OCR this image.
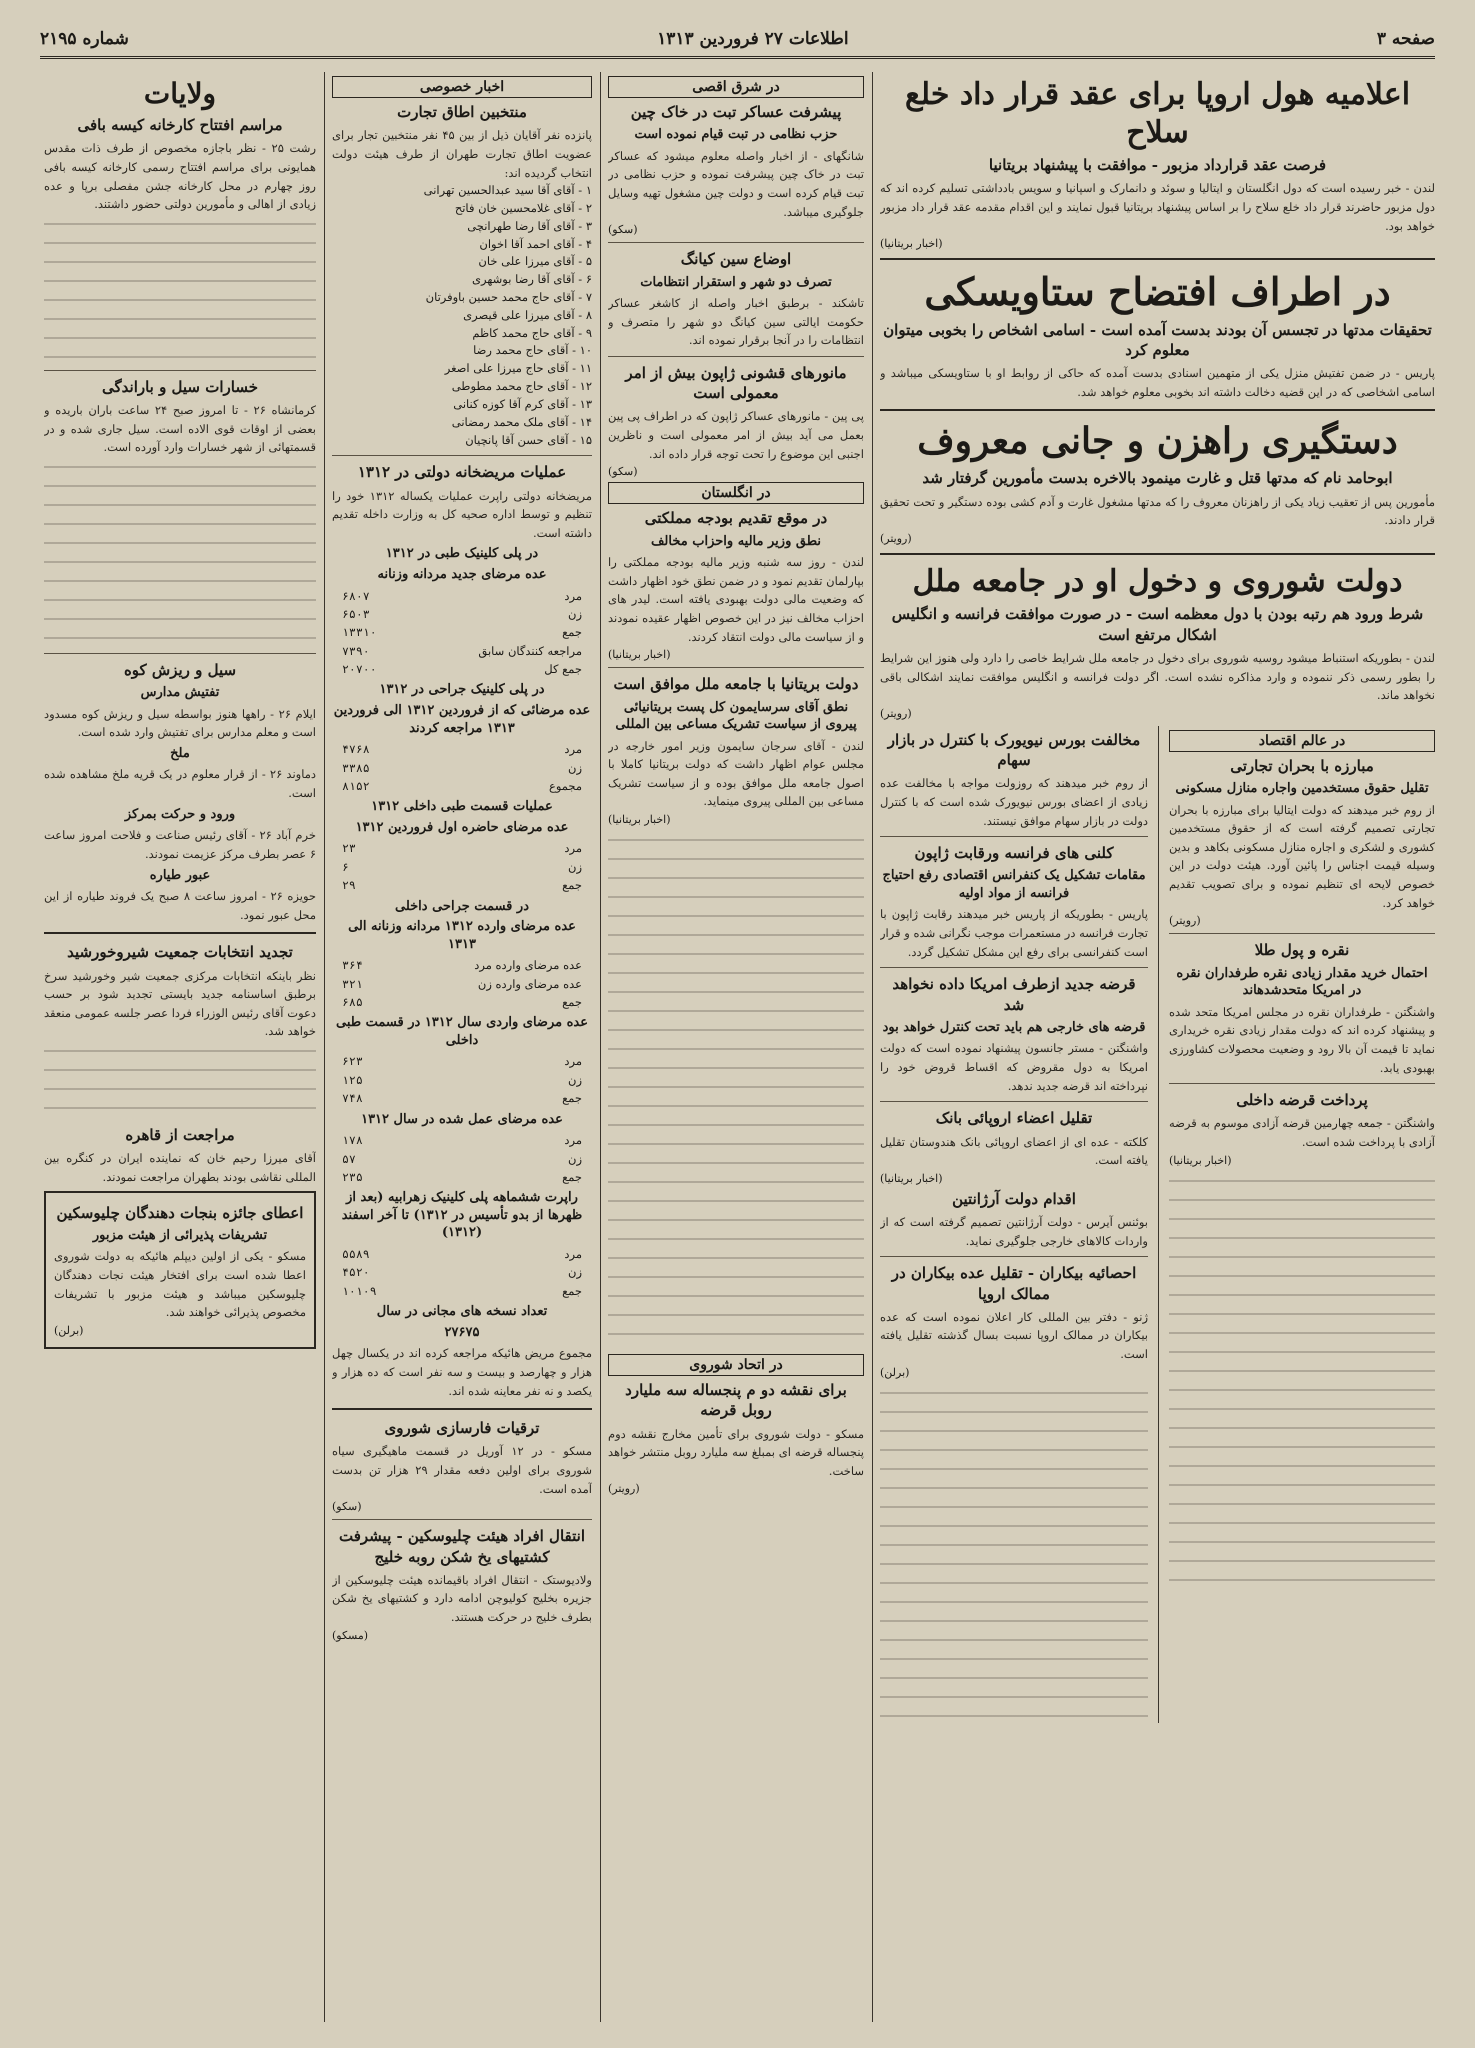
صفحه ۳
اطلاعات ۲۷ فروردین ۱۳۱۳
شماره ۲۱۹۵
اعلامیه هول اروپا برای عقد قرار داد خلع سلاح
فرصت عقد قرارداد مزبور - موافقت با پیشنهاد بریتانیا
لندن - خبر رسیده است که دول انگلستان و ایتالیا و سوئد و دانمارک و اسپانیا و سویس بادداشتی تسلیم کرده اند که دول مزبور حاضرند قرار داد خلع سلاح را بر اساس پیشنهاد بریتانیا قبول نمایند و این اقدام مقدمه عقد قرار داد مزبور خواهد بود.
(اخبار بریتانیا)
در اطراف افتضاح ستاویسکی
تحقیقات مدتها در تجسس آن بودند بدست آمده است - اسامی اشخاص را بخوبی میتوان معلوم کرد
پاریس - در ضمن تفتیش منزل یکی از متهمین اسنادی بدست آمده که حاکی از روابط او با ستاویسکی میباشد و اسامی اشخاصی که در این قضیه دخالت داشته اند بخوبی معلوم خواهد شد.
دستگیری راهزن و جانی معروف
ابوحامد نام که مدتها قتل و غارت مینمود بالاخره بدست مأمورین گرفتار شد
مأمورین پس از تعقیب زیاد یکی از راهزنان معروف را که مدتها مشغول غارت و آدم کشی بوده دستگیر و تحت تحقیق قرار دادند.
(رویتر)
دولت شوروی و دخول او در جامعه ملل
شرط ورود هم رتبه بودن با دول معظمه است - در صورت موافقت فرانسه و انگلیس اشکال مرتفع است
لندن - بطوریکه استنباط میشود روسیه شوروی برای دخول در جامعه ملل شرایط خاصی را دارد ولی هنوز این شرایط را بطور رسمی ذکر ننموده و وارد مذاکره نشده است. اگر دولت فرانسه و انگلیس موافقت نمایند اشکالی باقی نخواهد ماند.
(رویتر)
در عالم اقتصاد
مبارزه با بحران تجارتی
تقلیل حقوق مستخدمین واجاره منازل مسکونی
از روم خبر میدهند که دولت ایتالیا برای مبارزه با بحران تجارتی تصمیم گرفته است که از حقوق مستخدمین کشوری و لشکری و اجاره منازل مسکونی بکاهد و بدین وسیله قیمت اجناس را پائین آورد. هیئت دولت در این خصوص لایحه ای تنظیم نموده و برای تصویب تقدیم خواهد کرد.
(رویتر)
نقره و پول طلا
احتمال خرید مقدار زیادی نقره طرفداران نقره در امریکا متحدشدهاند
واشنگتن - طرفداران نقره در مجلس امریکا متحد شده و پیشنهاد کرده اند که دولت مقدار زیادی نقره خریداری نماید تا قیمت آن بالا رود و وضعیت محصولات کشاورزی بهبودی یابد.
پرداخت قرضه داخلی
واشنگتن - جمعه چهارمین قرضه آزادی موسوم به قرضه آزادی با پرداخت شده است.
(اخبار بریتانیا)
مخالفت بورس نیویورک با کنترل در بازار سهام
از روم خبر میدهند که روزولت مواجه با مخالفت عده زیادی از اعضای بورس نیویورک شده است که با کنترل دولت در بازار سهام موافق نیستند.
کلنی های فرانسه ورقابت ژاپون
مقامات تشکیل یک کنفرانس اقتصادی رفع احتیاج فرانسه از مواد اولیه
پاریس - بطوریکه از پاریس خبر میدهند رقابت ژاپون با تجارت فرانسه در مستعمرات موجب نگرانی شده و قرار است کنفرانسی برای رفع این مشکل تشکیل گردد.
قرضه جدید ازطرف امریکا داده نخواهد شد
قرضه های خارجی هم باید تحت کنترل خواهد بود
واشنگتن - مستر جانسون پیشنهاد نموده است که دولت امریکا به دول مقروض که اقساط قروض خود را نپرداخته اند قرضه جدید ندهد.
تقلیل اعضاء اروپائی بانک
کلکته - عده ای از اعضای اروپائی بانک هندوستان تقلیل یافته است.
(اخبار بریتانیا)
اقدام دولت آرژانتین
بوئنس آیرس - دولت آرژانتین تصمیم گرفته است که از واردات کالاهای خارجی جلوگیری نماید.
احصائیه بیکاران - تقلیل عده بیکاران در ممالک اروپا
ژنو - دفتر بین المللی کار اعلان نموده است که عده بیکاران در ممالک اروپا نسبت بسال گذشته تقلیل یافته است.
(برلن)
در شرق اقصی
پیشرفت عساکر تبت در خاک چین
حزب نظامی در تبت قیام نموده است
شانگهای - از اخبار واصله معلوم میشود که عساکر تبت در خاک چین پیشرفت نموده و حزب نظامی در تبت قیام کرده است و دولت چین مشغول تهیه وسایل جلوگیری میباشد.
(سکو)
اوضاع سین کیانگ
تصرف دو شهر و استقرار انتظامات
تاشکند - برطبق اخبار واصله از کاشغر عساکر حکومت ایالتی سین کیانگ دو شهر را متصرف و انتظامات را در آنجا برقرار نموده اند.
مانورهای قشونی ژاپون بیش از امر معمولی است
پی پین - مانورهای عساکر ژاپون که در اطراف پی پین بعمل می آید بیش از امر معمولی است و ناظرین اجنبی این موضوع را تحت توجه قرار داده اند.
(سکو)
در انگلستان
در موقع تقدیم بودجه مملکتی
نطق وزیر مالیه واحزاب مخالف
لندن - روز سه شنبه وزیر مالیه بودجه مملکتی را بپارلمان تقدیم نمود و در ضمن نطق خود اظهار داشت که وضعیت مالی دولت بهبودی یافته است. لیدر های احزاب مخالف نیز در این خصوص اظهار عقیده نمودند و از سیاست مالی دولت انتقاد کردند.
(اخبار بریتانیا)
دولت بریتانیا با جامعه ملل موافق است
نطق آقای سرسایمون کل پست بریتانیائی پیروی از سیاست تشریک مساعی بین المللی
لندن - آقای سرجان سایمون وزیر امور خارجه در مجلس عوام اظهار داشت که دولت بریتانیا کاملا با اصول جامعه ملل موافق بوده و از سیاست تشریک مساعی بین المللی پیروی مینماید.
(اخبار بریتانیا)
در اتحاد شوروی
برای نقشه دو م پنجساله سه ملیارد روبل قرضه
مسکو - دولت شوروی برای تأمین مخارج نقشه دوم پنجساله قرضه ای بمبلغ سه ملیارد روبل منتشر خواهد ساخت.
(رویتر)
اخبار خصوصی
منتخبین اطاق تجارت
پانزده نفر آقایان ذیل از بین ۴۵ نفر منتخبین تجار برای عضویت اطاق تجارت طهران از طرف هیئت دولت انتخاب گردیده اند:
۱ - آقای آقا سید عبدالحسین تهرانی
۲ - آقای غلامحسین خان فاتح
۳ - آقای آقا رضا طهرانچی
۴ - آقای احمد آقا اخوان
۵ - آقای میرزا علی خان
۶ - آقای آقا رضا بوشهری
۷ - آقای حاج محمد حسین باوفرتان
۸ - آقای میرزا علی قیصری
۹ - آقای حاج محمد کاظم
۱۰ - آقای حاج محمد رضا
۱۱ - آقای حاج میرزا علی اصغر
۱۲ - آقای حاج محمد مطوطی
۱۳ - آقای کرم آقا کوزه کنانی
۱۴ - آقای ملک محمد رمضانی
۱۵ - آقای حسن آقا پانچیان
عملیات مریضخانه دولتی در ۱۳۱۲
مریضخانه دولتی راپرت عملیات یکساله ۱۳۱۲ خود را تنظیم و توسط اداره صحیه کل به وزارت داخله تقدیم داشته است.
در پلی کلینیک طبی در ۱۳۱۲
عده مرضای جدید مردانه وزنانه
مرد
۶۸۰۷
زن
۶۵۰۳
جمع
۱۳۳۱۰
مراجعه کنندگان سابق
۷۳۹۰
جمع کل
۲۰۷۰۰
در پلی کلینیک جراحی در ۱۳۱۲
عده مرضائی که از فروردین ۱۳۱۲ الی فروردین ۱۳۱۳ مراجعه کردند
مرد
۴۷۶۸
زن
۳۳۸۵
مجموع
۸۱۵۲
عملیات قسمت طبی داخلی ۱۳۱۲
عده مرضای حاضره اول فروردین ۱۳۱۲
مرد
۲۳
زن
۶
جمع
۲۹
در قسمت جراحی داخلی
عده مرضای وارده ۱۳۱۲ مردانه وزنانه الی ۱۳۱۳
عده مرضای وارده مرد
۳۶۴
عده مرضای وارده زن
۳۲۱
جمع
۶۸۵
عده مرضای واردی سال ۱۳۱۲ در قسمت طبی داخلی
مرد
۶۲۳
زن
۱۲۵
جمع
۷۴۸
عده مرضای عمل شده در سال ۱۳۱۲
مرد
۱۷۸
زن
۵۷
جمع
۲۳۵
راپرت ششماهه پلی کلینیک زهرابیه (بعد از ظهرها از بدو تأسیس در ۱۳۱۲) تا آخر اسفند (۱۳۱۲)
مرد
۵۵۸۹
زن
۴۵۲۰
جمع
۱۰۱۰۹
تعداد نسخه های مجانی در سال
۲۷۶۷۵
مجموع مریض هائیکه مراجعه کرده اند در یکسال چهل هزار و چهارصد و بیست و سه نفر است که ده هزار و یکصد و نه نفر معاینه شده اند.
ترقیات فارسازی شوروی
مسکو - در ۱۲ آوریل در قسمت ماهیگیری سیاه شوروی برای اولین دفعه مقدار ۲۹ هزار تن بدست آمده است.
(سکو)
انتقال افراد هیئت چلیوسکین - پیشرفت کشتیهای یخ شکن روبه خلیج
ولادیوستک - انتقال افراد باقیمانده هیئت چلیوسکین از جزیره بخلیج کولیوچن ادامه دارد و کشتیهای یخ شکن بطرف خلیج در حرکت هستند.
(مسکو)
ولایات
مراسم افتتاح کارخانه کیسه بافی
رشت ۲۵ - نظر باجازه مخصوص از طرف ذات مقدس همایونی برای مراسم افتتاح رسمی کارخانه کیسه بافی روز چهارم در محل کارخانه جشن مفصلی برپا و عده زیادی از اهالی و مأمورین دولتی حضور داشتند.
خسارات سیل و باراندگی
کرمانشاه ۲۶ - تا امروز صبح ۲۴ ساعت باران باریده و بعضی از اوقات قوی الاده است. سیل جاری شده و در قسمتهائی از شهر خسارات وارد آورده است.
سیل و ریزش کوه
تفتیش مدارس
ایلام ۲۶ - راهها هنوز بواسطه سیل و ریزش کوه مسدود است و معلم مدارس برای تفتیش وارد شده است.
ملخ
دماوند ۲۶ - از قرار معلوم در یک قریه ملخ مشاهده شده است.
ورود و حرکت بمرکز
خرم آباد ۲۶ - آقای رئیس صناعت و فلاحت امروز ساعت ۶ عصر بطرف مرکز عزیمت نمودند.
عبور طیاره
حویزه ۲۶ - امروز ساعت ۸ صبح یک فروند طیاره از این محل عبور نمود.
تجدید انتخابات جمعیت شیروخورشید
نظر باینکه انتخابات مرکزی جمعیت شیر وخورشید سرخ برطبق اساسنامه جدید بایستی تجدید شود بر حسب دعوت آقای رئیس الوزراء فردا عصر جلسه عمومی منعقد خواهد شد.
مراجعت از قاهره
آقای میرزا رحیم خان که نماینده ایران در کنگره بین المللی نقاشی بودند بطهران مراجعت نمودند.
اعطای جائزه بنجات دهندگان چلیوسکین
تشریفات پذیرائی از هیئت مزبور
مسکو - یکی از اولین دیپلم هائیکه به دولت شوروی اعطا شده است برای افتخار هیئت نجات دهندگان چلیوسکین میباشد و هیئت مزبور با تشریفات مخصوص پذیرائی خواهند شد.
(برلن)
